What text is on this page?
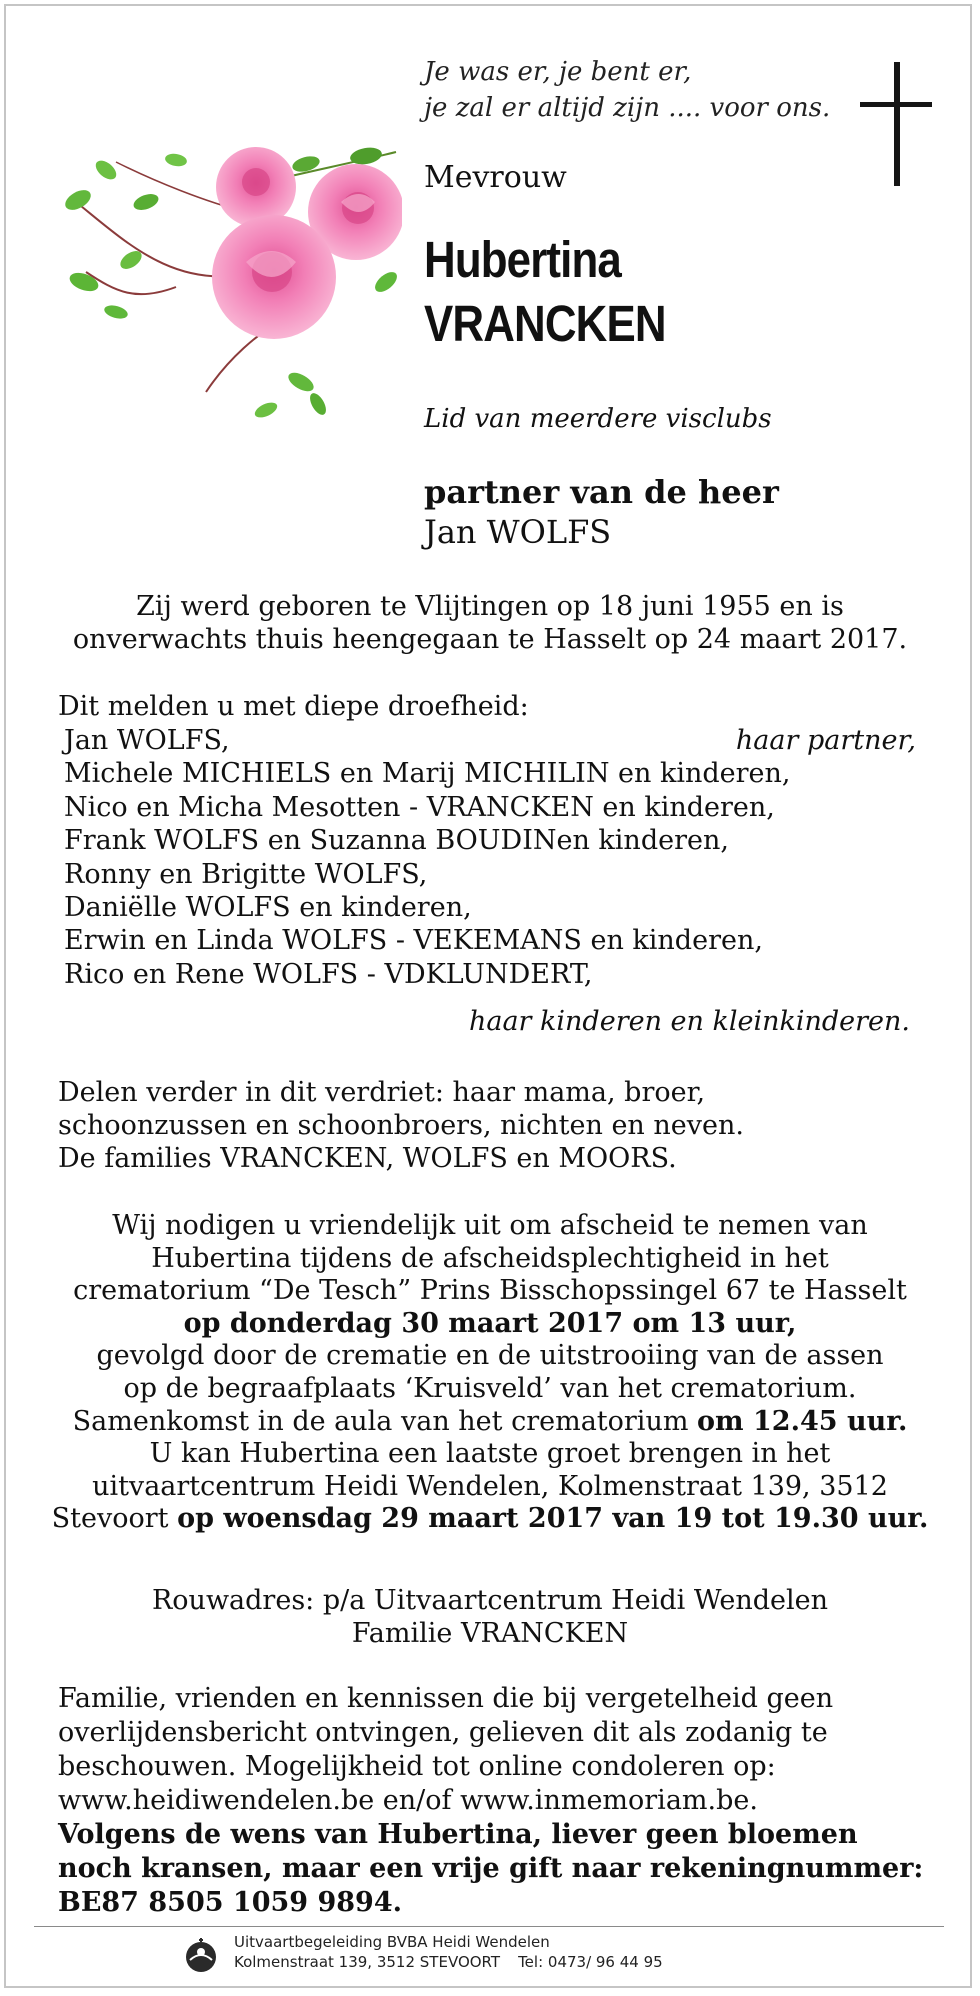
Je was er, je bent er,
je zal er altijd zijn .... voor ons.
Mevrouw
Hubertina
VRANCKEN
Lid van meerdere visclubs
partner van de heer
Jan WOLFS
Zij werd geboren te Vlijtingen op 18 juni 1955 en is
onverwachts thuis heengegaan te Hasselt op 24 maart 2017.
Dit melden u met diepe droefheid:
Jan WOLFS,	haar partner,
Michele MICHIELS en Marij MICHILIN en kinderen,
Nico en Micha Mesotten - VRANCKEN en kinderen,
Frank WOLFS en Suzanna BOUDINen kinderen,
Ronny en Brigitte WOLFS,
Daniëlle WOLFS en kinderen,
Erwin en Linda WOLFS - VEKEMANS en kinderen,
Rico en Rene WOLFS - VDKLUNDERT,
haar kinderen en kleinkinderen.
Delen verder in dit verdriet: haar mama, broer,
schoonzussen en schoonbroers, nichten en neven.
De families VRANCKEN, WOLFS en MOORS.
Wij nodigen u vriendelijk uit om afscheid te nemen van
Hubertina tijdens de afscheidsplechtigheid in het
crematorium “De Tesch” Prins Bisschopssingel 67 te Hasselt
op donderdag 30 maart 2017 om 13 uur,
gevolgd door de crematie en de uitstrooiing van de assen
op de begraafplaats ‘Kruisveld’ van het crematorium.
Samenkomst in de aula van het crematorium om 12.45 uur.
U kan Hubertina een laatste groet brengen in het
uitvaartcentrum Heidi Wendelen, Kolmenstraat 139, 3512
Stevoort op woensdag 29 maart 2017 van 19 tot 19.30 uur.
Rouwadres: p/a Uitvaartcentrum Heidi Wendelen
Familie VRANCKEN
Familie, vrienden en kennissen die bij vergetelheid geen
overlijdensbericht ontvingen, gelieven dit als zodanig te
beschouwen. Mogelijkheid tot online condoleren op:
www.heidiwendelen.be en/of www.inmemoriam.be.
Volgens de wens van Hubertina, liever geen bloemen
noch kransen, maar een vrije gift naar rekeningnummer:
BE87 8505 1059 9894.
Uitvaartbegeleiding BVBA Heidi Wendelen
Kolmenstraat 139, 3512 STEVOORT Tel: 0473/ 96 44 95
